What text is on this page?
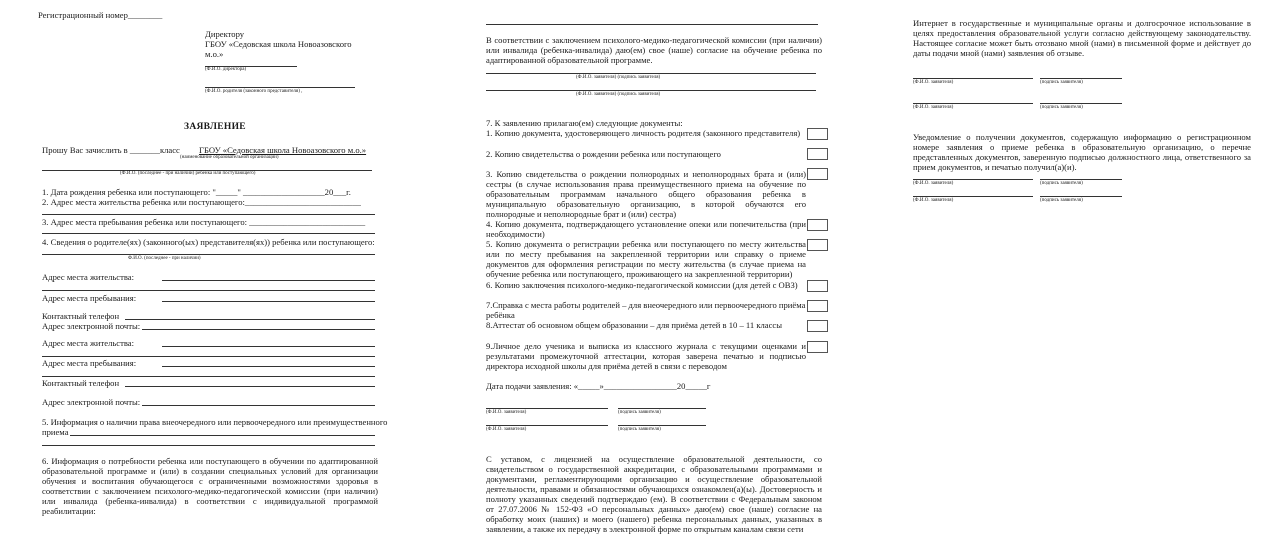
Регистрационный номер________
Директору
ГБОУ «Седовская школа Новоазовского
м.о.»
(Ф.И.О. директора)
(Ф.И.О. родителя (законного представителя) ,
ЗАЯВЛЕНИЕ
Прошу Вас зачислить в _______класс ГБОУ «Седовская школа Новоазовского м.о.»
(наименование образовательной организации)
(Ф.И.О. (последнее - при наличии) ребенка или поступающего)
1. Дата рождения ребенка или поступающего: "_____" ___________________20___г.
2. Адрес места жительства ребенка или поступающего:___________________________
3. Адрес места пребывания ребенка или поступающего: ___________________________
4. Сведения о родителе(ях) (законного(ых) представителя(ях)) ребенка или поступающего:
Ф.И.О. (последнее - при наличии)
Адрес места жительства:
Адрес места пребывания:
Контактный телефон
Адрес электронной почты:
Адрес места жительства:
Адрес места пребывания:
Контактный телефон
Адрес электронной почты:
5. Информация о наличии права внеочередного или первоочередного или преимущественного
приема
6. Информация о потребности ребенка или поступающего в обучении по адаптированной образовательной программе и (или) в создании специальных условий для организации обучения и воспитания обучающегося с ограниченными возможностями здоровья в соответствии с заключением психолого-медико-педагогической комиссии (при наличии) или инвалида (ребенка-инвалида) в соответствии с индивидуальной программой реабилитации:
В соответствии с заключением психолого-медико-педагогической комиссии (при наличии) или инвалида (ребенка-инвалида) даю(ем) свое (наше) согласие на обучение ребенка по адаптированной образовательной программе.
(Ф.И.О. заявителя) (подпись заявителя)
(Ф.И.О. заявителя) (подпись заявителя)
7. К заявлению прилагаю(ем) следующие документы:
1. Копию документа, удостоверяющего личность родителя (законного представителя)
2. Копию свидетельства о рождении ребенка или поступающего
3. Копию свидетельства о рождении полнородных и неполнородных брата и (или) сестры (в случае использования права преимущественного приема на обучение по образовательным программам начального общего образования ребенка в муниципальную образовательную организацию, в которой обучаются его полнородные и неполнородные брат и (или) сестра)
4. Копию документа, подтверждающего установление опеки или попечительства (при необходимости)
5. Копию документа о регистрации ребенка или поступающего по месту жительства или по месту пребывания на закрепленной территории или справку о приеме документов для оформления регистрации по месту жительства (в случае приема на обучение ребенка или поступающего, проживающего на закрепленной территории)
6. Копию заключения психолого-медико-педагогической комиссии (для детей с ОВЗ)
7.Справка с места работы родителей – для внеочередного или первоочередного приёма ребёнка
8.Аттестат об основном общем образовании – для приёма детей в 10 – 11 классы
9.Личное дело ученика и выписка из классного журнала с текущими оценками и результатами промежуточной аттестации, которая заверена печатью и подписью директора исходной школы для приёма детей в связи с переводом
Дата подачи заявления: «_____»_________________20_____г
(Ф.И.О. заявителя)	(подпись заявителя)
(Ф.И.О. заявителя)	(подпись заявителя)
С уставом, с лицензией на осуществление образовательной деятельности, со свидетельством о государственной аккредитации, с образовательными программами и документами, регламентирующими организацию и осуществление образовательной деятельности, правами и обязанностями обучающихся ознакомлен(а)(ы). Достоверность и полноту указанных сведений подтверждаю (ем). В соответствии с Федеральным законом от 27.07.2006 № 152-ФЗ «О персональных данных» даю(ем) свое (наше) согласие на обработку моих (наших) и моего (нашего) ребенка персональных данных, указанных в заявлении, а также их передачу в электронной форме по открытым каналам связи сети
Интернет в государственные и муниципальные органы и долгосрочное использование в целях предоставления образовательной услуги согласно действующему законодательству. Настоящее согласие может быть отозвано мной (нами) в письменной форме и действует до даты подачи мной (нами) заявления об отзыве.
(Ф.И.О. заявителя)	(подпись заявителя)
(Ф.И.О. заявителя)	(подпись заявителя)
Уведомление о получении документов, содержащую информацию о регистрационном номере заявления о приеме ребенка в образовательную организацию, о перечне представленных документов, заверенную подписью должностного лица, ответственного за прием документов, и печатью получил(а)(и).
(Ф.И.О. заявителя)	(подпись заявителя)
(Ф.И.О. заявителя)	(подпись заявителя)
